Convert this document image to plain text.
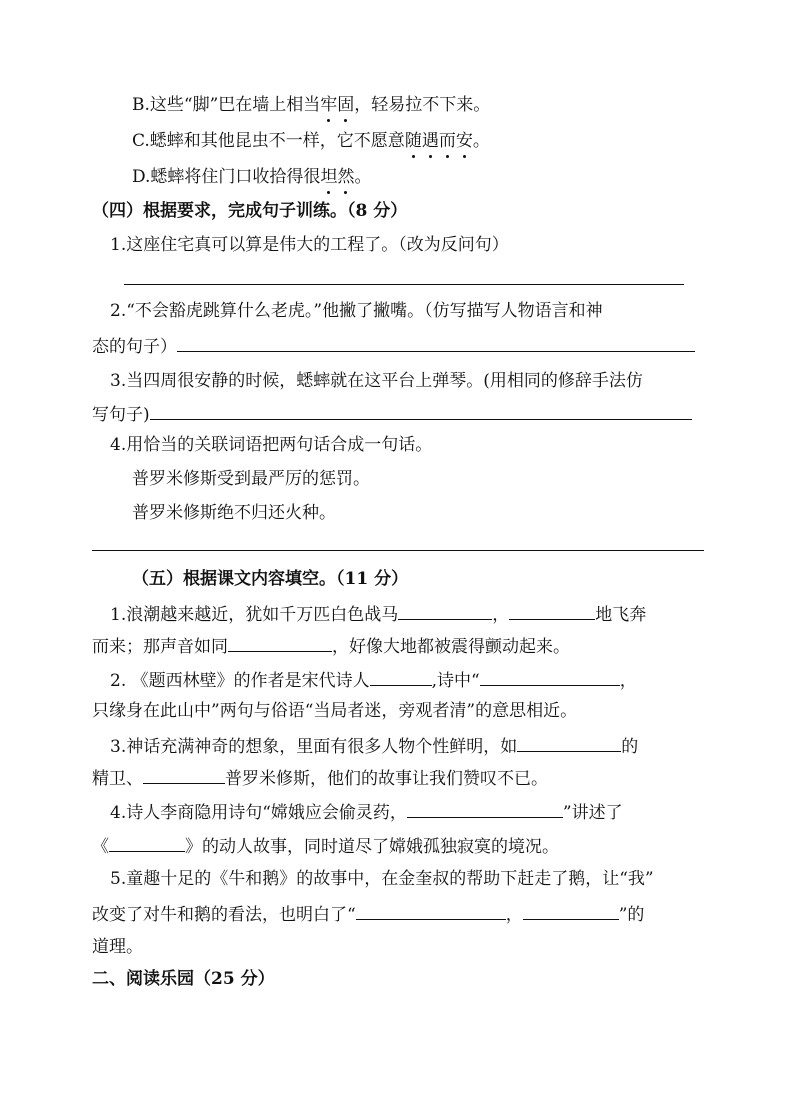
B.这些“脚”巴在墙上相当牢固，轻易拉不下来。
C.蟋蟀和其他昆虫不一样，它不愿意随遇而安。
D.蟋蟀将住门口收拾得很坦然。
（四）根据要求，完成句子训练。（8 分）
1.这座住宅真可以算是伟大的工程了。（改为反问句）
2.“不会豁虎跳算什么老虎。”他撇了撇嘴。（仿写描写人物语言和神
态的句子）
3.当四周很安静的时候，蟋蟀就在这平台上弹琴。(用相同的修辞手法仿
写句子)
4.用恰当的关联词语把两句话合成一句话。
普罗米修斯受到最严厉的惩罚。
普罗米修斯绝不归还火种。
（五）根据课文内容填空。（11 分）
1.浪潮越来越近，犹如千万匹白色战马	，	地飞奔
而来；那声音如同	，好像大地都被震得颤动起来。
2. 《题西林壁》的作者是宋代诗人	,诗中“	，
只缘身在此山中”两句与俗语“当局者迷，旁观者清”的意思相近。
3.神话充满神奇的想象，里面有很多人物个性鲜明，如	的
精卫、	普罗米修斯，他们的故事让我们赞叹不已。
4.诗人李商隐用诗句“嫦娥应会偷灵药，	”讲述了
《	》的动人故事，同时道尽了嫦娥孤独寂寞的境况。
5.童趣十足的《牛和鹅》的故事中，在金奎叔的帮助下赶走了鹅，让“我”
改变了对牛和鹅的看法，也明白了“	，	”的
道理。
二、阅读乐园（25 分）
